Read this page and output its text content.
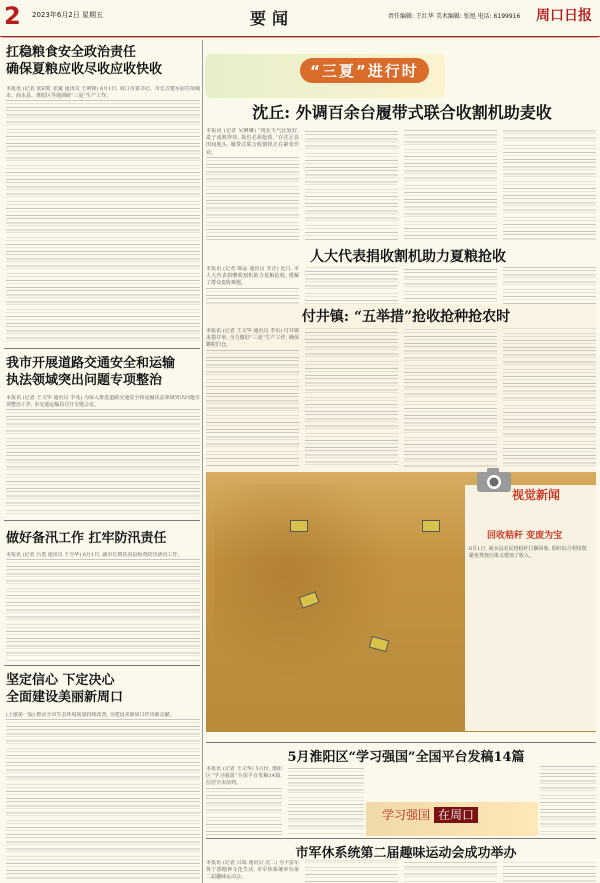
2 2023年6月2日 星期五	要闻	责任编辑: 王红华 美术编辑: 张旭 电话: 6199916 周口日报
扛稳粮食安全政治责任
确保夏粮应收尽收应收快收
本报讯 (记者 张彩虹 张斌 通讯员 王利锋) 6月1日, 周口市委书记、市长吉建军前往项城市、商水县、淮阳区等地调研“三夏”生产工作。
我市开展道路交通安全和运输
执法领域突出问题专项整治
本报讯 (记者 王文华 通讯员 李兆) 为深入推进道路交通安全和运输执法领域突出问题专项整治工作, 市交通运输局召开专题会议。
做好备汛工作 扛牢防汛责任
本报讯 (记者 吕勇 通讯员 王令华) 6月1日, 副市长到扶沟县检查防汛备汛工作。
坚定信心 下定决心
全面建设美丽新周口
(上接第一版) 推动全市生态环境质量持续改善, 为建设美丽周口作出新贡献。
“三夏”进行时
沈丘: 外调百余台履带式联合收割机助麦收
本报讯 (记者 吴琳琳) “现在天气比较好, 麦子成熟得快, 我们必须抢收。”在沈丘县田间地头, 履带式联合收割机正在紧张作业。
人大代表捐收割机助力夏粮抢收
本报讯 (记者 韩晶 通讯员 李洋) 近日, 市人大代表捐赠收割机助力夏粮抢收, 缓解了群众麦收难题。
付井镇: “五举措”抢收抢种抢农时
本报讯 (记者 王文华 通讯员 李东) 付井镇多措并举, 全力做好“三夏”生产工作, 确保颗粒归仓。
视觉新闻
回收秸秆 变废为宝
6月1日, 商水县农民将秸秆打捆回收, 秸秆综合利用既避免焚烧污染又增加了收入。
5月淮阳区“学习强国”全国平台发稿14篇
本报讯 (记者 王文华) 5月份, 淮阳区“学习强国”全国平台发稿14篇, 位居全市前列。
学习强国 在周口
市军休系统第二届趣味运动会成功举办
本报讯 (记者 吕瑞 通讯员 沈二) 为丰富军休干部精神文化生活, 市军休系统举办第二届趣味运动会。
